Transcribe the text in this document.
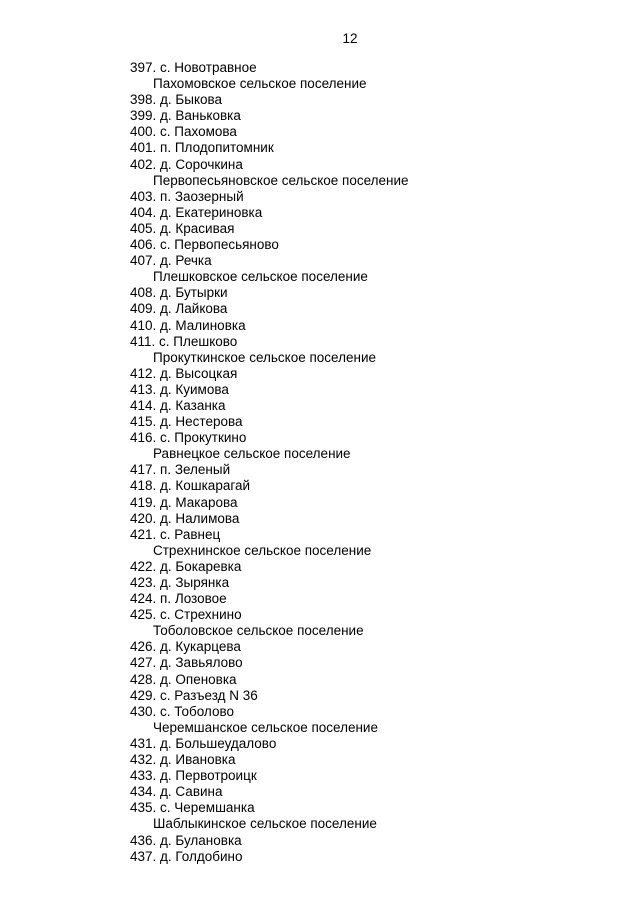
12
397. с. Новотравное
Пахомовское сельское поселение
398. д. Быкова
399. д. Ваньковка
400. с. Пахомова
401. п. Плодопитомник
402. д. Сорочкина
Первопесьяновское сельское поселение
403. п. Заозерный
404. д. Екатериновка
405. д. Красивая
406. с. Первопесьяново
407. д. Речка
Плешковское сельское поселение
408. д. Бутырки
409. д. Лайкова
410. д. Малиновка
411. с. Плешково
Прокуткинское сельское поселение
412. д. Высоцкая
413. д. Куимова
414. д. Казанка
415. д. Нестерова
416. с. Прокуткино
Равнецкое сельское поселение
417. п. Зеленый
418. д. Кошкарагай
419. д. Макарова
420. д. Налимова
421. с. Равнец
Стрехнинское сельское поселение
422. д. Бокаревка
423. д. Зырянка
424. п. Лозовое
425. с. Стрехнино
Тоболовское сельское поселение
426. д. Кукарцева
427. д. Завьялово
428. д. Опеновка
429. с. Разъезд N 36
430. с. Тоболово
Черемшанское сельское поселение
431. д. Большеудалово
432. д. Ивановка
433. д. Первотроицк
434. д. Савина
435. с. Черемшанка
Шаблыкинское сельское поселение
436. д. Булановка
437. д. Голдобино
